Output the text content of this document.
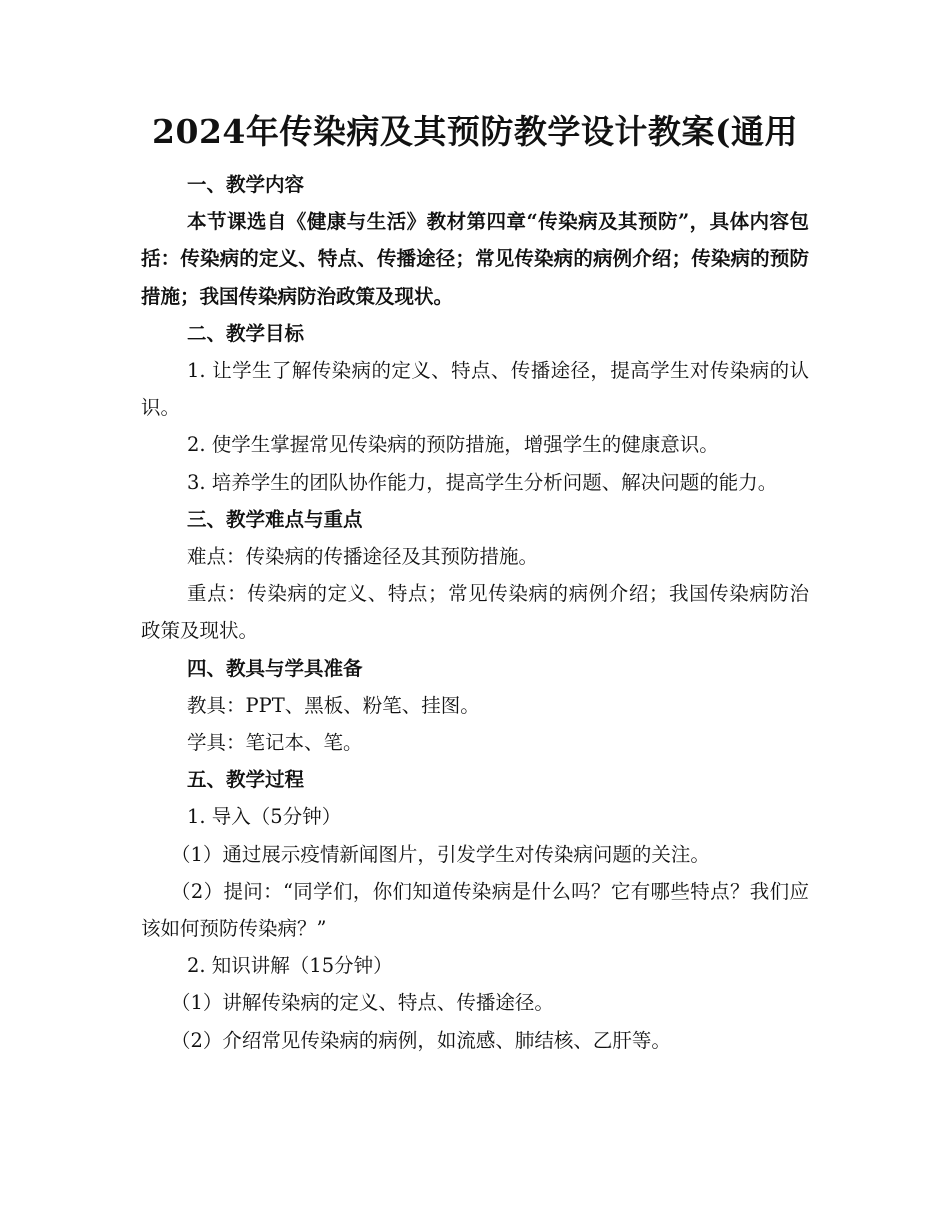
2024年传染病及其预防教学设计教案(通用

一、教学内容

本节课选自《健康与生活》教材第四章“传染病及其预防”，具体内容包括：传染病的定义、特点、传播途径；常见传染病的病例介绍；传染病的预防措施；我国传染病防治政策及现状。

二、教学目标

1. 让学生了解传染病的定义、特点、传播途径，提高学生对传染病的认识。

2. 使学生掌握常见传染病的预防措施，增强学生的健康意识。

3. 培养学生的团队协作能力，提高学生分析问题、解决问题的能力。

三、教学难点与重点

难点：传染病的传播途径及其预防措施。

重点：传染病的定义、特点；常见传染病的病例介绍；我国传染病防治政策及现状。

四、教具与学具准备

教具：PPT、黑板、粉笔、挂图。

学具：笔记本、笔。

五、教学过程

1. 导入（5分钟）

（1）通过展示疫情新闻图片，引发学生对传染病问题的关注。

（2）提问：“同学们，你们知道传染病是什么吗？它有哪些特点？我们应该如何预防传染病？”

2. 知识讲解（15分钟）

（1）讲解传染病的定义、特点、传播途径。

（2）介绍常见传染病的病例，如流感、肺结核、乙肝等。
